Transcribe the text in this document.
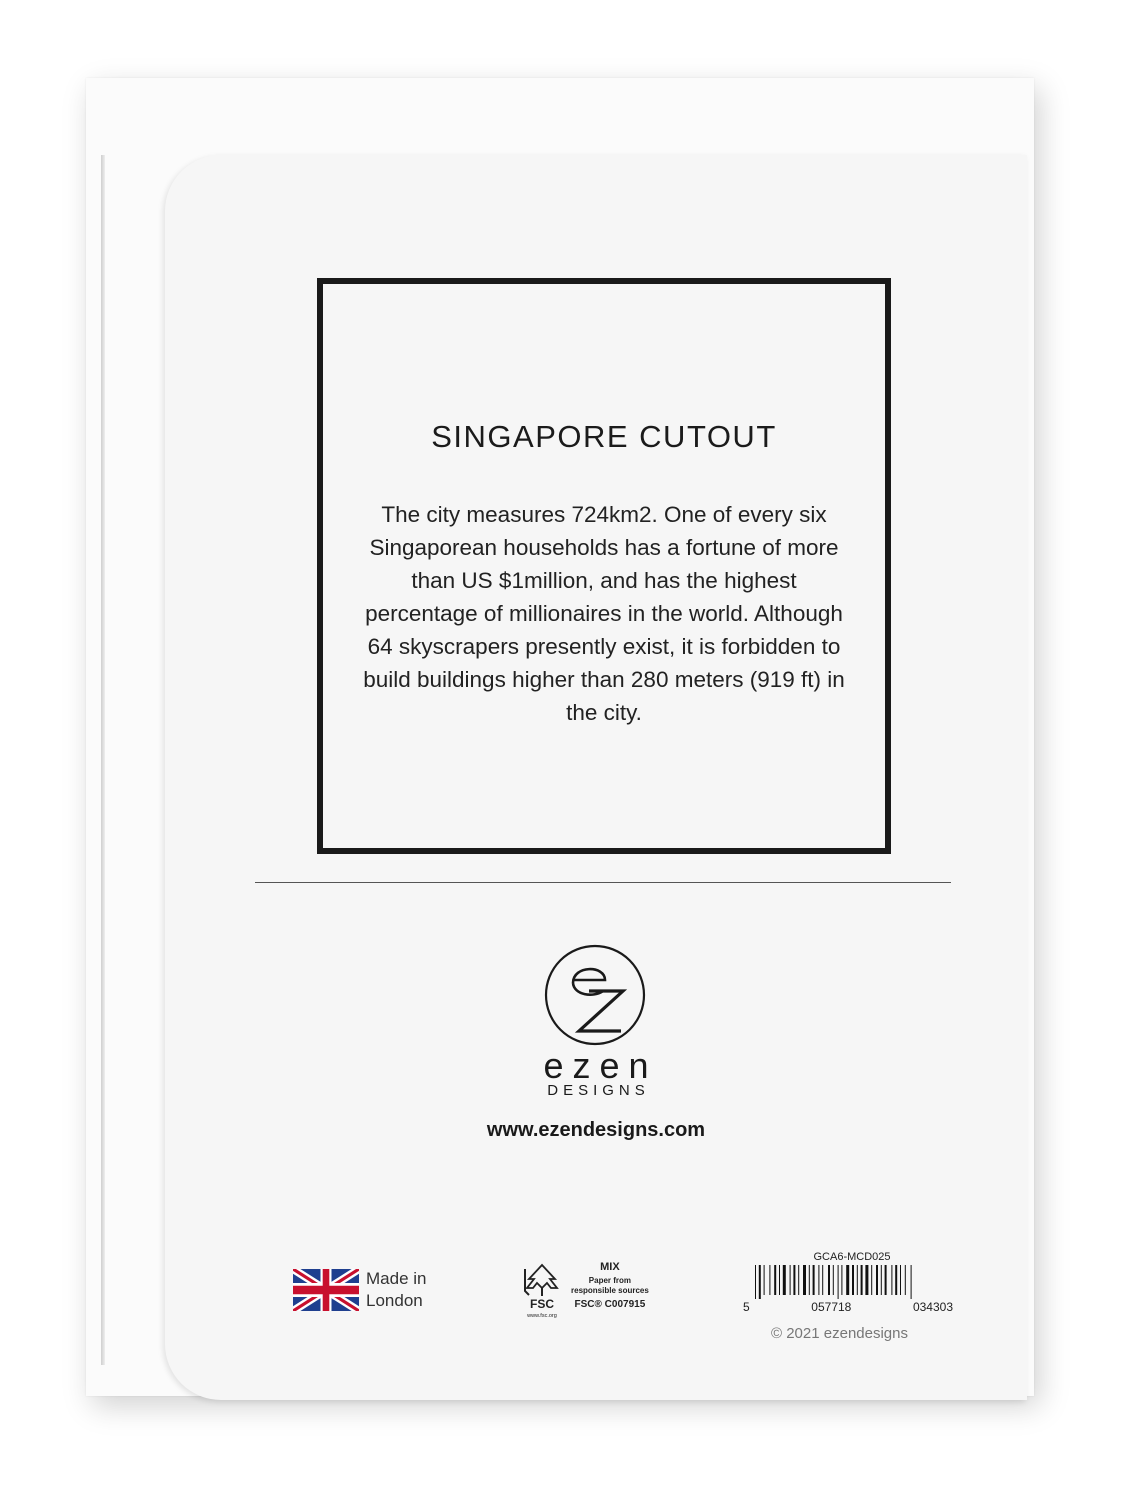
SINGAPORE CUTOUT
The city measures 724km2. One of every six Singaporean households has a fortune of more than US $1million, and has the highest percentage of millionaires in the world. Although 64 skyscrapers presently exist, it is forbidden to build buildings higher than 280 meters (919 ft) in the city.
ezen
DESIGNS
www.ezendesigns.com
Made in
London	FSC
www.fsc.org
MIX
Paper from
responsible sources
FSC® C007915
GCA6-MCD025
5	057718	034303
© 2021 ezendesigns
